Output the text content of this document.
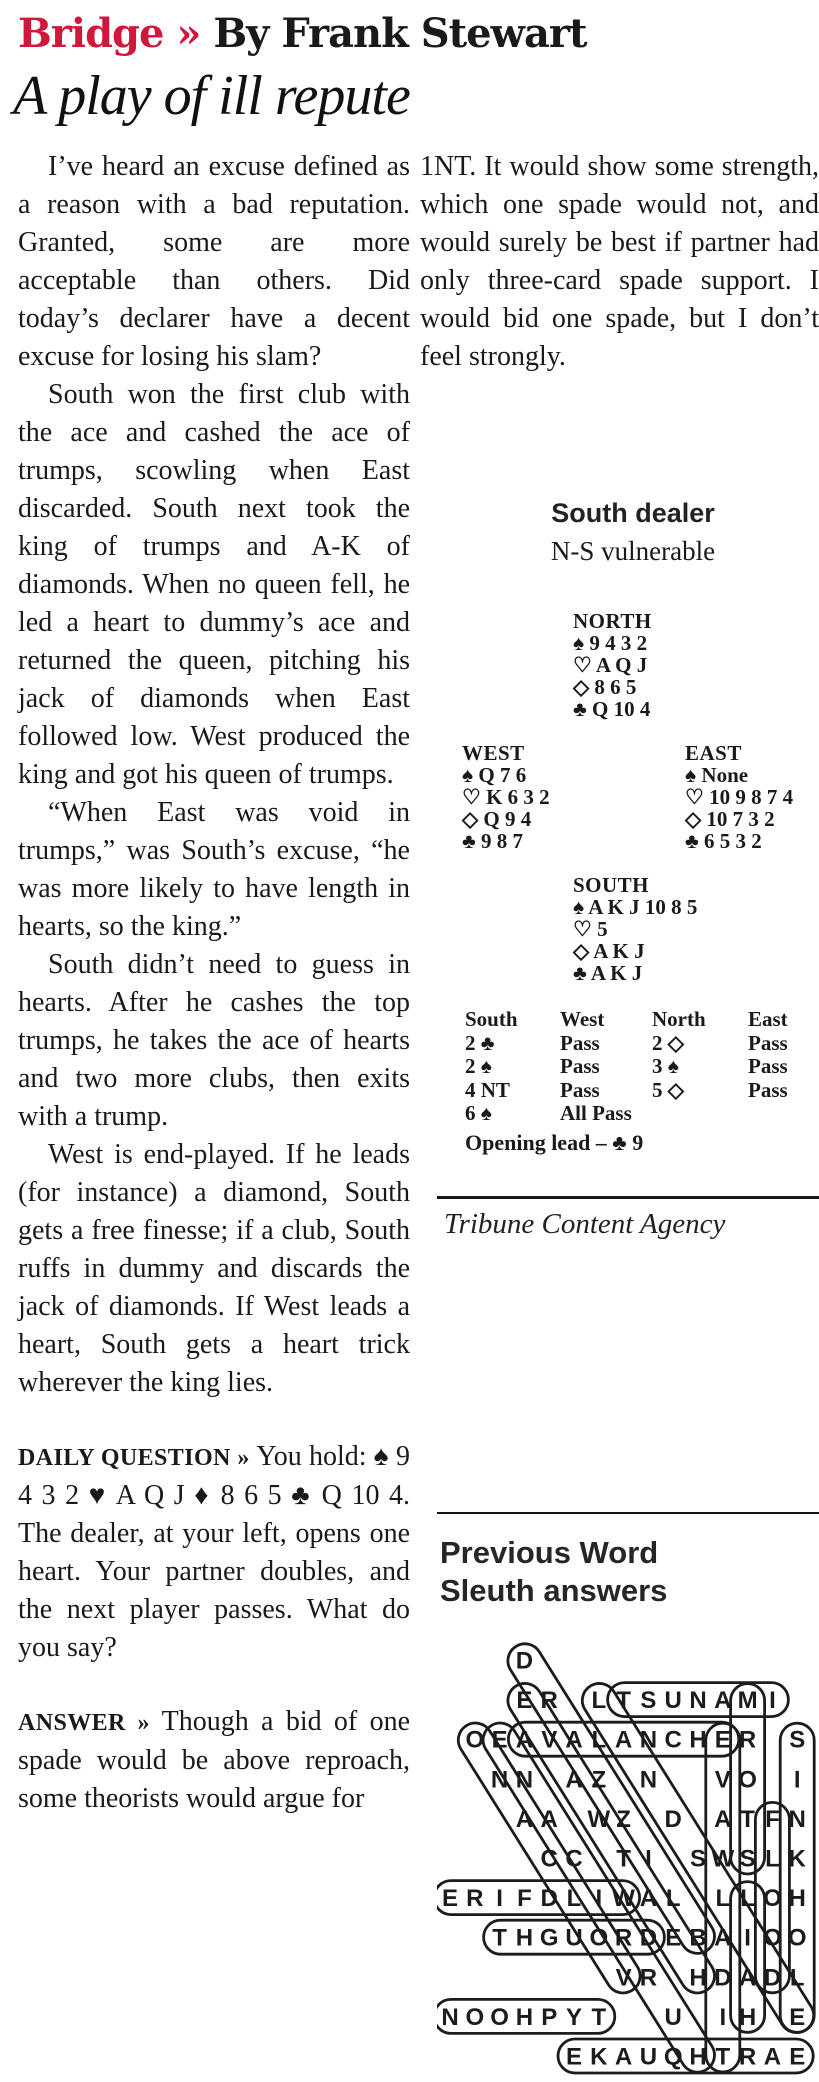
Bridge » By Frank Stewart
A play of ill repute

I’ve heard an excuse defined as a reason with a bad reputation. Granted, some are more acceptable than others. Did today’s declarer have a decent excuse for losing his slam?

South won the first club with the ace and cashed the ace of trumps, scowling when East discarded. South next took the king of trumps and A-K of diamonds. When no queen fell, he led a heart to dummy’s ace and returned the queen, pitching his jack of diamonds when East followed low. West produced the king and got his queen of trumps.

“When East was void in trumps,” was South’s excuse, “he was more likely to have length in hearts, so the king.”

South didn’t need to guess in hearts. After he cashes the top trumps, he takes the ace of hearts and two more clubs, then exits with a trump.

West is end-played. If he leads (for instance) a diamond, South gets a free finesse; if a club, South ruffs in dummy and discards the jack of diamonds. If West leads a heart, South gets a heart trick wherever the king lies.

DAILY QUESTION » You hold: ♠ 9 4 3 2 ♥ A Q J ♦ 8 6 5 ♣ Q 10 4. The dealer, at your left, opens one heart. Your partner doubles, and the next player passes. What do you say?

ANSWER » Though a bid of one spade would be above reproach, some theorists would argue for

1NT. It would show some strength, which one spade would not, and would surely be best if partner had only three-card spade support. I would bid one spade, but I don’t feel strongly.

South dealer
N-S vulnerable
NORTH
♠ 9 4 3 2
♡ A Q J
◇ 8 6 5
♣ Q 10 4
WEST
♠ Q 7 6
♡ K 6 3 2
◇ Q 9 4
♣ 9 8 7
EAST
♠ None
♡ 10 9 8 7 4
◇ 10 7 3 2
♣ 6 5 3 2
SOUTH
♠ A K J 10 8 5
♡ 5
◇ A K J
♣ A K J
South	West	North	East
2 ♣	Pass	2 ◇	Pass
2 ♠	Pass	3 ♠	Pass
4 NT	Pass	5 ◇	Pass
6 ♠	All Pass
Opening lead – ♣ 9
Tribune Content Agency
Previous Word Sleuth answers
D
E R L T S U N A M I
O E A V A L A N C H E R S
N N A Z N V O I
A A W Z D A T F N
C C T I S W S L K
E R I F D L I W A L L L O H
T H G U O R D E B A I O O
V R H D A D L
N O O H P Y T U I H E
E K A U Q H T R A E
